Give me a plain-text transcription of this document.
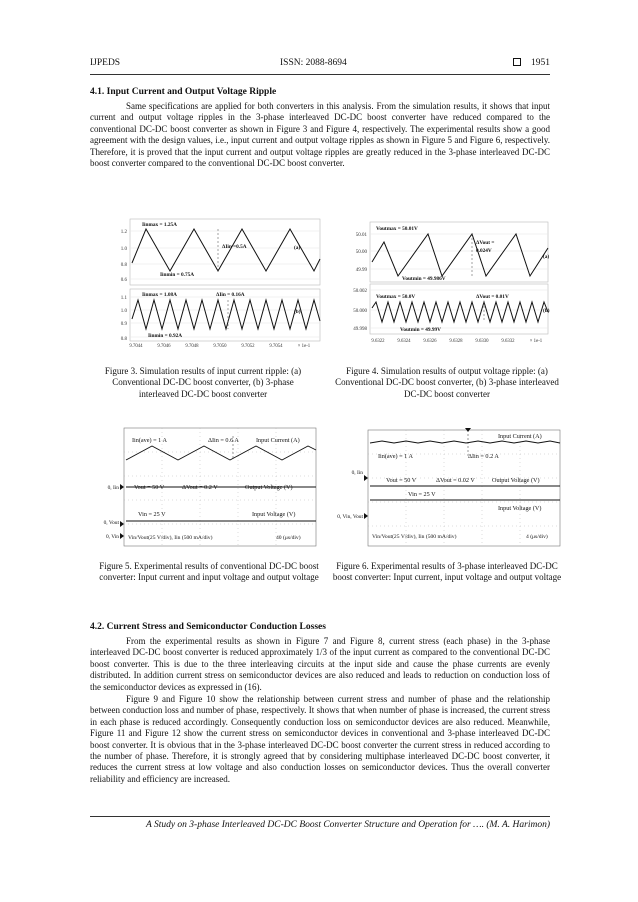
IJPEDS	ISSN: 2088-8694	1951
4.1. Input Current and Output Voltage Ripple
Same specifications are applied for both converters in this analysis. From the simulation results, it shows that input current and output voltage ripples in the 3-phase interleaved DC-DC boost converter have reduced compared to the conventional DC-DC boost converter as shown in Figure 3 and Figure 4, respectively. The experimental results show a good agreement with the design values, i.e., input current and output voltage ripples as shown in Figure 5 and Figure 6, respectively. Therefore, it is proved that the input current and output voltage ripples are greatly reduced in the 3-phase interleaved DC-DC boost converter compared to the conventional DC-DC boost converter.
1.2
1.0
0.8
0.6
1.1
1.0
0.9
0.8
9.7044	9.7046	9.7048	9.7050	9.7052	9.7054	× 1e-1
Iinmax = 1.25A
ΔIin =0.5A
Iinmin = 0.75A
(a)
Iinmax = 1.08A	ΔIin = 0.16A
Iinmin = 0.92A
(b)
Figure 3. Simulation results of input current ripple: (a) Conventional DC-DC boost converter, (b) 3-phase interleaved DC-DC boost converter
50.01
50.00
49.99
50.002
50.000
49.998
9.6322	9.6324	9.6326	9.6328	9.6330	9.6332	× 1e-1
Voutmax = 50.01V
ΔVout =
0.024V
Voutmin = 49.986V
(a)
Voutmax = 50.0V	ΔVout = 0.01V
Voutmin = 49.99V
(b)
Figure 4. Simulation results of output voltage ripple: (a) Conventional DC-DC boost converter, (b) 3-phase interleaved DC-DC boost converter
Iin(ave) = 1 A	ΔIin = 0.6 A	Input Current (A)
Vout = 50 V	ΔVout = 0.2 V	Output Voltage (V)
Vin = 25 V	Input Voltage (V)
Vin/Vout(25 V/div), Iin (500 mA/div)	40 (μs/div)
0, Iin
0, Vout
0, Vin
Figure 5. Experimental results of conventional DC-DC boost converter: Input current and input voltage and output voltage
Iin(ave) = 1 A	ΔIin = 0.2 A
Input Current (A)
Vout = 50 V	ΔVout = 0.02 V	Output Voltage (V)
Vin = 25 V
Input Voltage (V)
Vin/Vout(25 V/div), Iin (500 mA/div)	4 (μs/div)
0, Iin
0, Vin, Vout
Figure 6. Experimental results of 3-phase interleaved DC-DC boost converter: Input current, input voltage and output voltage
4.2. Current Stress and Semiconductor Conduction Losses
From the experimental results as shown in Figure 7 and Figure 8, current stress (each phase) in the 3-phase interleaved DC-DC boost converter is reduced approximately 1/3 of the input current as compared to the conventional DC-DC boost converter. This is due to the three interleaving circuits at the input side and cause the phase currents are evenly distributed. In addition current stress on semiconductor devices are also reduced and leads to reduction on conduction loss of the semiconductor devices as expressed in (16).
Figure 9 and Figure 10 show the relationship between current stress and number of phase and the relationship between conduction loss and number of phase, respectively. It shows that when number of phase is increased, the current stress in each phase is reduced accordingly. Consequently conduction loss on semiconductor devices are also reduced. Meanwhile, Figure 11 and Figure 12 show the current stress on semiconductor devices in conventional and 3-phase interleaved DC-DC boost converter. It is obvious that in the 3-phase interleaved DC-DC boost converter the current stress in reduced according to the number of phase. Therefore, it is strongly agreed that by considering multiphase interleaved DC-DC boost converter, it reduces the current stress at low voltage and also conduction losses on semiconductor devices. Thus the overall converter reliability and efficiency are increased.
A Study on 3-phase Interleaved DC-DC Boost Converter Structure and Operation for …. (M. A. Harimon)
